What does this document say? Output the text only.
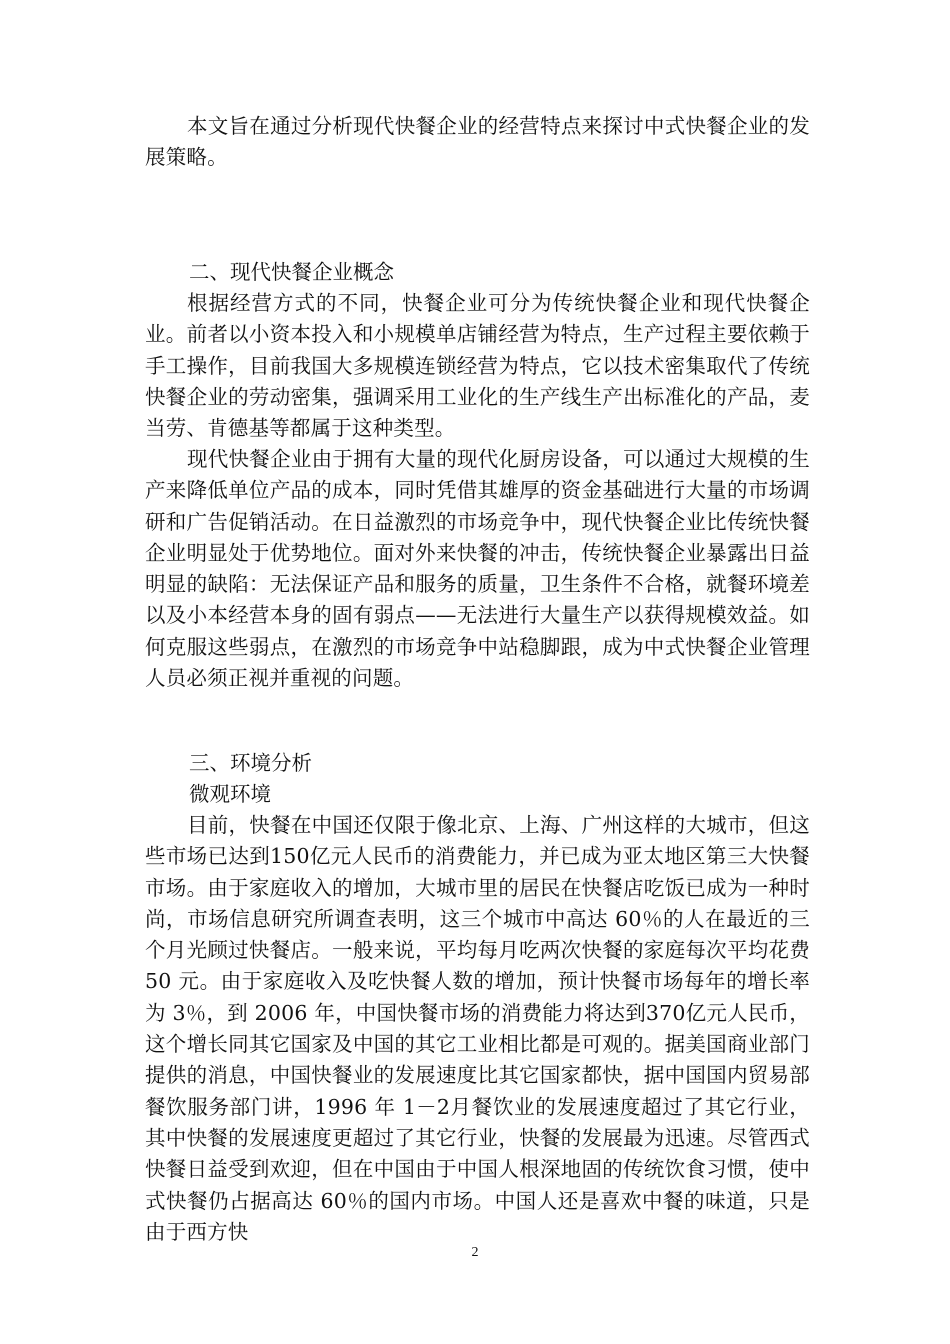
本文旨在通过分析现代快餐企业的经营特点来探讨中式快餐企业的发展策略。
二、现代快餐企业概念
根据经营方式的不同，快餐企业可分为传统快餐企业和现代快餐企业。前者以小资本投入和小规模单店铺经营为特点，生产过程主要依赖于手工操作，目前我国大多规模连锁经营为特点，它以技术密集取代了传统快餐企业的劳动密集，强调采用工业化的生产线生产出标准化的产品，麦当劳、肯德基等都属于这种类型。
现代快餐企业由于拥有大量的现代化厨房设备，可以通过大规模的生产来降低单位产品的成本，同时凭借其雄厚的资金基础进行大量的市场调研和广告促销活动。在日益激烈的市场竞争中，现代快餐企业比传统快餐企业明显处于优势地位。面对外来快餐的冲击，传统快餐企业暴露出日益明显的缺陷：无法保证产品和服务的质量，卫生条件不合格，就餐环境差以及小本经营本身的固有弱点——无法进行大量生产以获得规模效益。如何克服这些弱点，在激烈的市场竞争中站稳脚跟，成为中式快餐企业管理人员必须正视并重视的问题。
三、环境分析
微观环境
目前，快餐在中国还仅限于像北京、上海、广州这样的大城市，但这些市场已达到150亿元人民币的消费能力，并已成为亚太地区第三大快餐市场。由于家庭收入的增加，大城市里的居民在快餐店吃饭已成为一种时尚，市场信息研究所调查表明，这三个城市中高达 60％的人在最近的三个月光顾过快餐店。一般来说，平均每月吃两次快餐的家庭每次平均花费 50 元。由于家庭收入及吃快餐人数的增加，预计快餐市场每年的增长率为 3％，到 2006 年，中国快餐市场的消费能力将达到370亿元人民币，这个增长同其它国家及中国的其它工业相比都是可观的。据美国商业部门提供的消息，中国快餐业的发展速度比其它国家都快，据中国国内贸易部餐饮服务部门讲，1996 年 1－2月餐饮业的发展速度超过了其它行业，其中快餐的发展速度更超过了其它行业，快餐的发展最为迅速。尽管西式快餐日益受到欢迎，但在中国由于中国人根深地固的传统饮食习惯，使中式快餐仍占据高达 60％的国内市场。中国人还是喜欢中餐的味道，只是由于西方快
2
